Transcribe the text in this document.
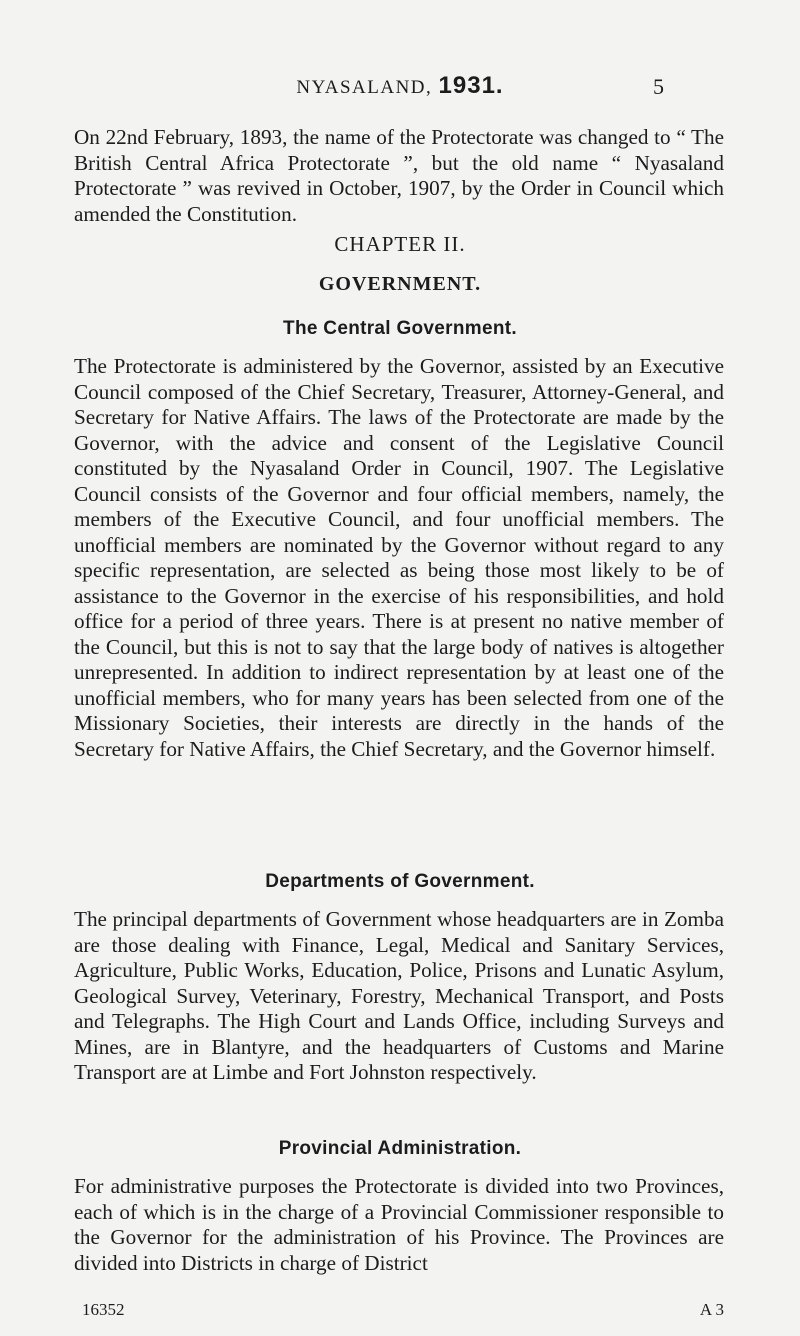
NYASALAND, 1931.	5

On 22nd February, 1893, the name of the Protectorate was changed to “ The British Central Africa Protectorate ”, but the old name “ Nyasaland Protectorate ” was revived in October, 1907, by the Order in Council which amended the Constitution.

CHAPTER II.
GOVERNMENT.
The Central Government.

The Protectorate is administered by the Governor, assisted by an Executive Council composed of the Chief Secretary, Treasurer, Attorney-General, and Secretary for Native Affairs. The laws of the Protectorate are made by the Governor, with the advice and consent of the Legislative Council constituted by the Nyasaland Order in Council, 1907. The Legislative Council consists of the Governor and four official members, namely, the members of the Executive Council, and four unofficial members. The unofficial members are nominated by the Governor without regard to any specific representation, are selected as being those most likely to be of assistance to the Governor in the exercise of his responsibilities, and hold office for a period of three years. There is at present no native member of the Council, but this is not to say that the large body of natives is altogether unrepresented. In addition to indirect representation by at least one of the unofficial members, who for many years has been selected from one of the Missionary Societies, their interests are directly in the hands of the Secretary for Native Affairs, the Chief Secretary, and the Governor himself.

Departments of Government.

The principal departments of Government whose headquarters are in Zomba are those dealing with Finance, Legal, Medical and Sanitary Services, Agriculture, Public Works, Education, Police, Prisons and Lunatic Asylum, Geological Survey, Veterinary, Forestry, Mechanical Transport, and Posts and Telegraphs. The High Court and Lands Office, including Surveys and Mines, are in Blantyre, and the headquarters of Customs and Marine Transport are at Limbe and Fort Johnston respectively.

Provincial Administration.

For administrative purposes the Protectorate is divided into two Provinces, each of which is in the charge of a Provincial Commissioner responsible to the Governor for the administration of his Province. The Provinces are divided into Districts in charge of District

16352	A 3
